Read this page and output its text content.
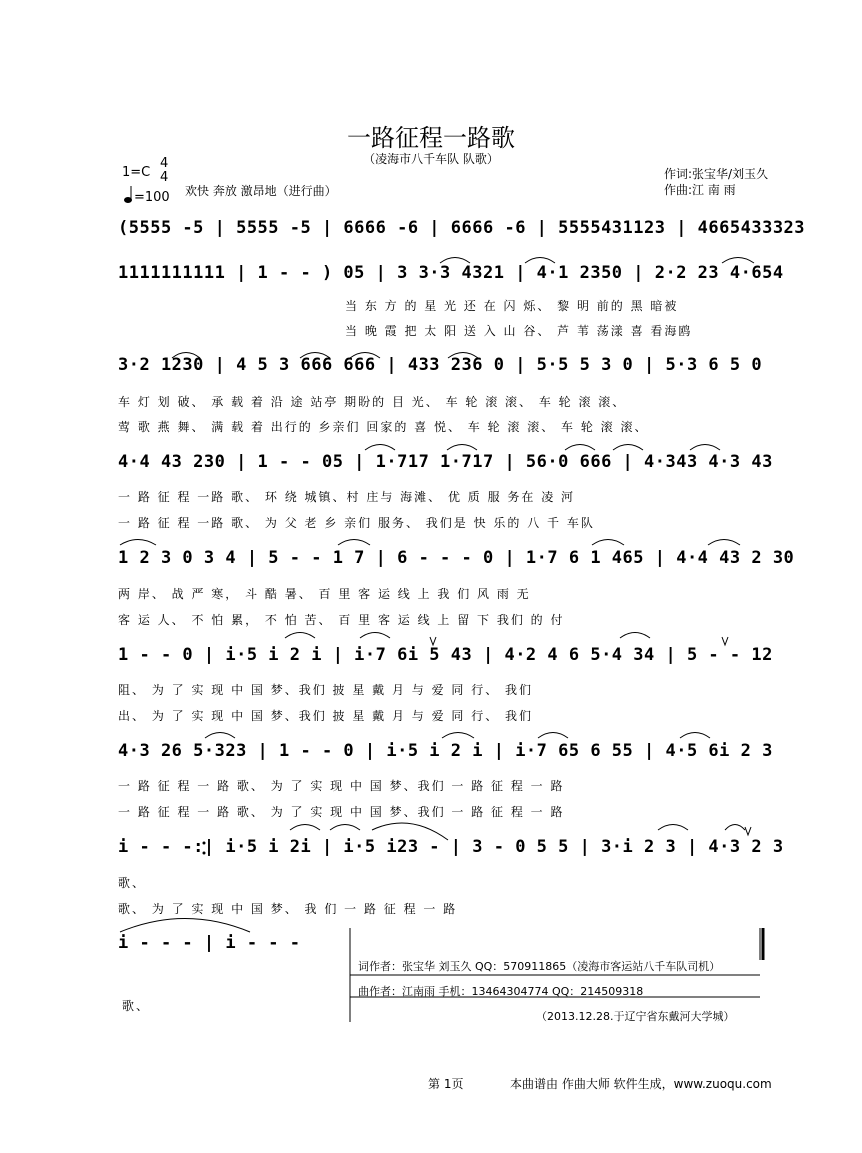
一路征程一路歌
（凌海市八千车队 队歌）
1=C
4
4
=100 欢快 奔放 激昂地（进行曲）
作词:张宝华/刘玉久
作曲:江 南 雨
(5555 -5 | 5555 -5 | 6666 -6 | 6666 -6 | 5555431123 | 4665433323
1111111111 | 1 - - ) 05 | 3 3·3 4321 | 4·1 2350 | 2·2 23 4·654
当 东 方 的 星 光 还 在 闪 烁、 黎 明 前的 黑 暗被
当 晚 霞 把 太 阳 送 入 山 谷、 芦 苇 荡漾 喜 看海鸥
3·2 1230 | 4 5 3 666 666 | 433 236 0 | 5·5 5 3 0 | 5·3 6 5 0
车 灯 划 破、 承 载 着 沿 途 站亭 期盼的 目 光、 车 轮 滚 滚、 车 轮 滚 滚、
莺 歌 燕 舞、 满 载 着 出行的 乡亲们 回家的 喜 悦、 车 轮 滚 滚、 车 轮 滚 滚、
4·4 43 230 | 1 - - 05 | 1·717 1·717 | 56·0 666 | 4·343 4·3 43
一 路 征 程 一路 歌、 环 绕 城镇、村 庄与 海滩、 优 质 服 务在 凌 河
一 路 征 程 一路 歌、 为 父 老 乡 亲们 服务、 我们是 快 乐的 八 千 车队
1 2 3 0 3 4 | 5 - - 1 7 | 6 - - - 0 | 1·7 6 1 465 | 4·4 43 2 30
两 岸、 战 严 寒， 斗 酷 暑、 百 里 客 运 线 上 我 们 风 雨 无
客 运 人、 不 怕 累， 不 怕 苦、 百 里 客 运 线 上 留 下 我们 的 付
1 - - 0 | i·5 i 2 i | i·7 6i 5 43 | 4·2 4 6 5·4 34 | 5 - - 12
阻、 为 了 实 现 中 国 梦、我们 披 星 戴 月 与 爱 同 行、 我们
出、 为 了 实 现 中 国 梦、我们 披 星 戴 月 与 爱 同 行、 我们
4·3 26 5·323 | 1 - - 0 | i·5 i 2 i | i·7 65 6 55 | 4·5 6i 2 3
一 路 征 程 一 路 歌、 为 了 实 现 中 国 梦、我们 一 路 征 程 一 路
一 路 征 程 一 路 歌、 为 了 实 现 中 国 梦、我们 一 路 征 程 一 路
i - - -:| i·5 i 2i | i·5 i23 - | 3 - 0 5 5 | 3·i 2 3 | 4·3 2 3
歌、
歌、 为 了 实 现 中 国 梦、 我 们 一 路 征 程 一 路
i - - - | i - - -
歌、
词作者：张宝华 刘玉久 QQ：570911865（凌海市客运站八千车队司机）
曲作者：江南雨 手机：13464304774 QQ：214509318
（2013.12.28.于辽宁省东戴河大学城）
第 1页	本曲谱由 作曲大师 软件生成，www.zuoqu.com
